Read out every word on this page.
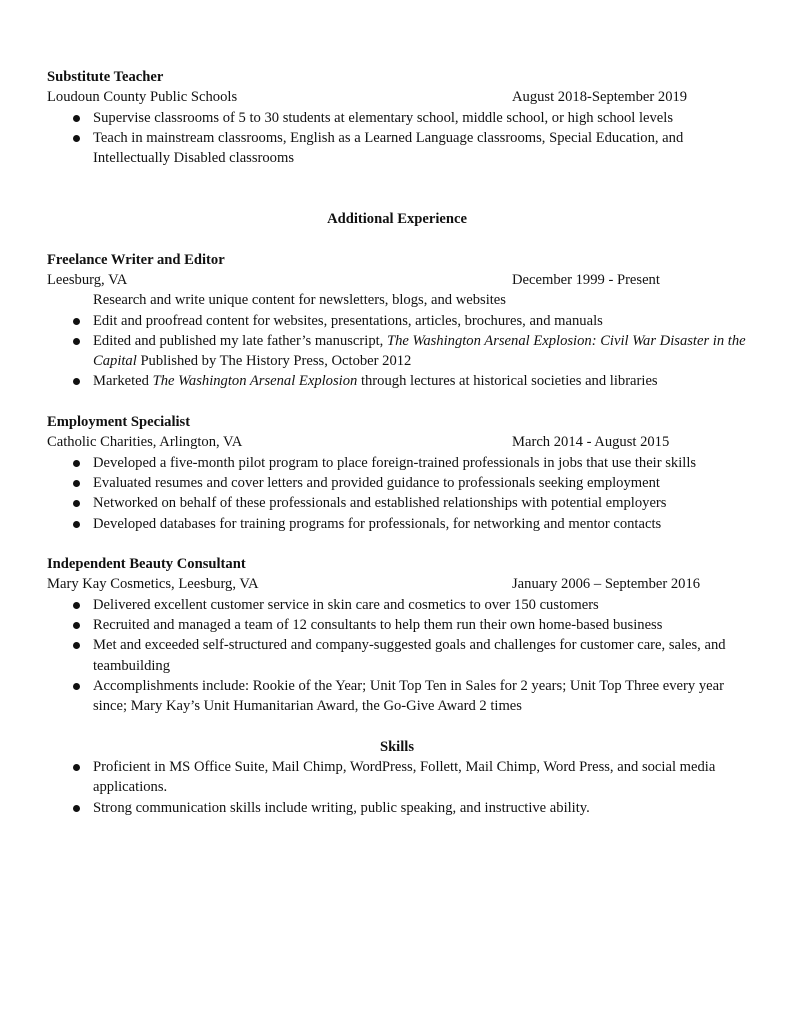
Substitute Teacher

Loudoun County Public Schools	August 2018-September 2019
Supervise classrooms of 5 to 30 students at elementary school, middle school, or high school levels
Teach in mainstream classrooms, English as a Learned Language classrooms, Special Education, and Intellectually Disabled classrooms

Additional Experience

Freelance Writer and Editor

Leesburg, VA	December 1999 - Present
Research and write unique content for newsletters, blogs, and websites
Edit and proofread content for websites, presentations, articles, brochures, and manuals
Edited and published my late father’s manuscript, The Washington Arsenal Explosion: Civil War Disaster in the Capital Published by The History Press, October 2012
Marketed The Washington Arsenal Explosion through lectures at historical societies and libraries

Employment Specialist

Catholic Charities, Arlington, VA	March 2014 - August 2015
Developed a five-month pilot program to place foreign-trained professionals in jobs that use their skills
Evaluated resumes and cover letters and provided guidance to professionals seeking employment
Networked on behalf of these professionals and established relationships with potential employers
Developed databases for training programs for professionals, for networking and mentor contacts

Independent Beauty Consultant

Mary Kay Cosmetics, Leesburg, VA	January 2006 – September 2016
Delivered excellent customer service in skin care and cosmetics to over 150 customers
Recruited and managed a team of 12 consultants to help them run their own home-based business
Met and exceeded self-structured and company-suggested goals and challenges for customer care, sales, and teambuilding
Accomplishments include: Rookie of the Year; Unit Top Ten in Sales for 2 years; Unit Top Three every year since; Mary Kay’s Unit Humanitarian Award, the Go-Give Award 2 times

Skills

Proficient in MS Office Suite, Mail Chimp, WordPress, Follett, Mail Chimp, Word Press, and social media applications.
Strong communication skills include writing, public speaking, and instructive ability.
